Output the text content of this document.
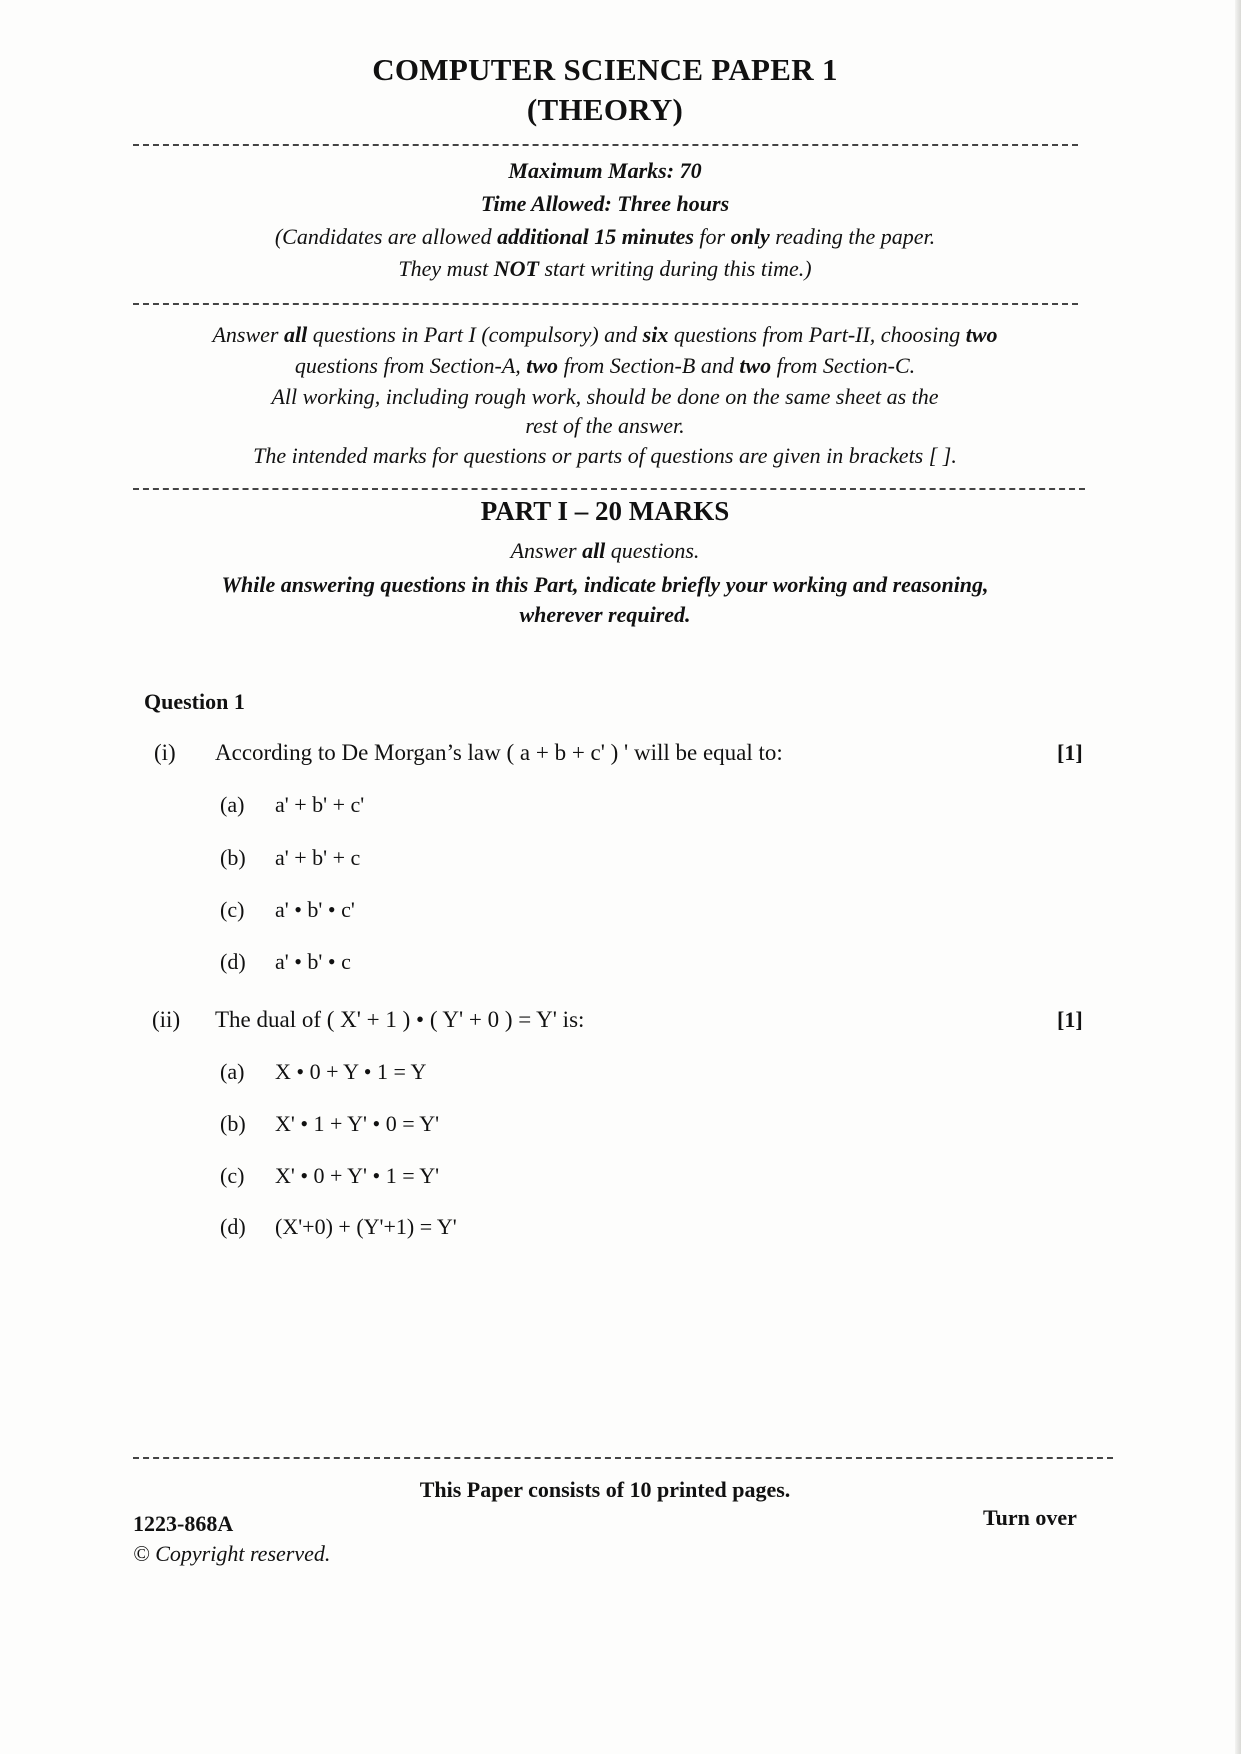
COMPUTER SCIENCE PAPER 1
(THEORY)
Maximum Marks: 70
Time Allowed: Three hours
(Candidates are allowed additional 15 minutes for only reading the paper.
They must NOT start writing during this time.)
Answer all questions in Part I (compulsory) and six questions from Part-II, choosing two
questions from Section-A, two from Section-B and two from Section-C.
All working, including rough work, should be done on the same sheet as the
rest of the answer.
The intended marks for questions or parts of questions are given in brackets [ ].
PART I – 20 MARKS
Answer all questions.
While answering questions in this Part, indicate briefly your working and reasoning,
wherever required.
Question 1
(i) According to De Morgan’s law ( a + b + c' ) ' will be equal to:	[1]
(a) a' + b' + c'
(b) a' + b' + c
(c) a' • b' • c'
(d) a' • b' • c
(ii) The dual of ( X' + 1 ) • ( Y' + 0 ) = Y' is:	[1]
(a) X • 0 + Y • 1 = Y
(b) X' • 1 + Y' • 0 = Y'
(c) X' • 0 + Y' • 1 = Y'
(d) (X'+0) + (Y'+1) = Y'
This Paper consists of 10 printed pages.
1223-868A	Turn over
© Copyright reserved.
